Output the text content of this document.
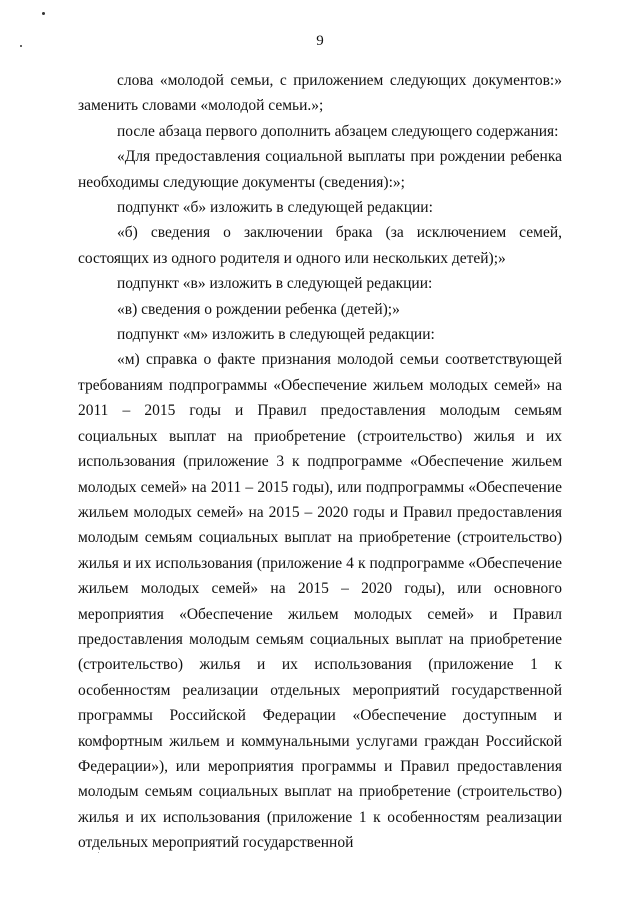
9

слова «молодой семьи, с приложением следующих документов:» заменить словами «молодой семьи.»;

после абзаца первого дополнить абзацем следующего содержания:

«Для предоставления социальной выплаты при рождении ребенка необходимы следующие документы (сведения):»;

подпункт «б» изложить в следующей редакции:

«б) сведения о заключении брака (за исключением семей, состоящих из одного родителя и одного или нескольких детей);»

подпункт «в» изложить в следующей редакции:

«в) сведения о рождении ребенка (детей);»

подпункт «м» изложить в следующей редакции:

«м) справка о факте признания молодой семьи соответствующей требованиям подпрограммы «Обеспечение жильем молодых семей» на 2011 – 2015 годы и Правил предоставления молодым семьям социальных выплат на приобретение (строительство) жилья и их использования (приложение 3 к подпрограмме «Обеспечение жильем молодых семей» на 2011 – 2015 годы), или подпрограммы «Обеспечение жильем молодых семей» на 2015 – 2020 годы и Правил предоставления молодым семьям социальных выплат на приобретение (строительство) жилья и их использования (приложение 4 к подпрограмме «Обеспечение жильем молодых семей» на 2015 – 2020 годы), или основного мероприятия «Обеспечение жильем молодых семей» и Правил предоставления молодым семьям социальных выплат на приобретение (строительство) жилья и их использования (приложение 1 к особенностям реализации отдельных мероприятий государственной программы Российской Федерации «Обеспечение доступным и комфортным жильем и коммунальными услугами граждан Российской Федерации»), или мероприятия программы и Правил предоставления молодым семьям социальных выплат на приобретение (строительство) жилья и их использования (приложение 1 к особенностям реализации отдельных мероприятий государственной
